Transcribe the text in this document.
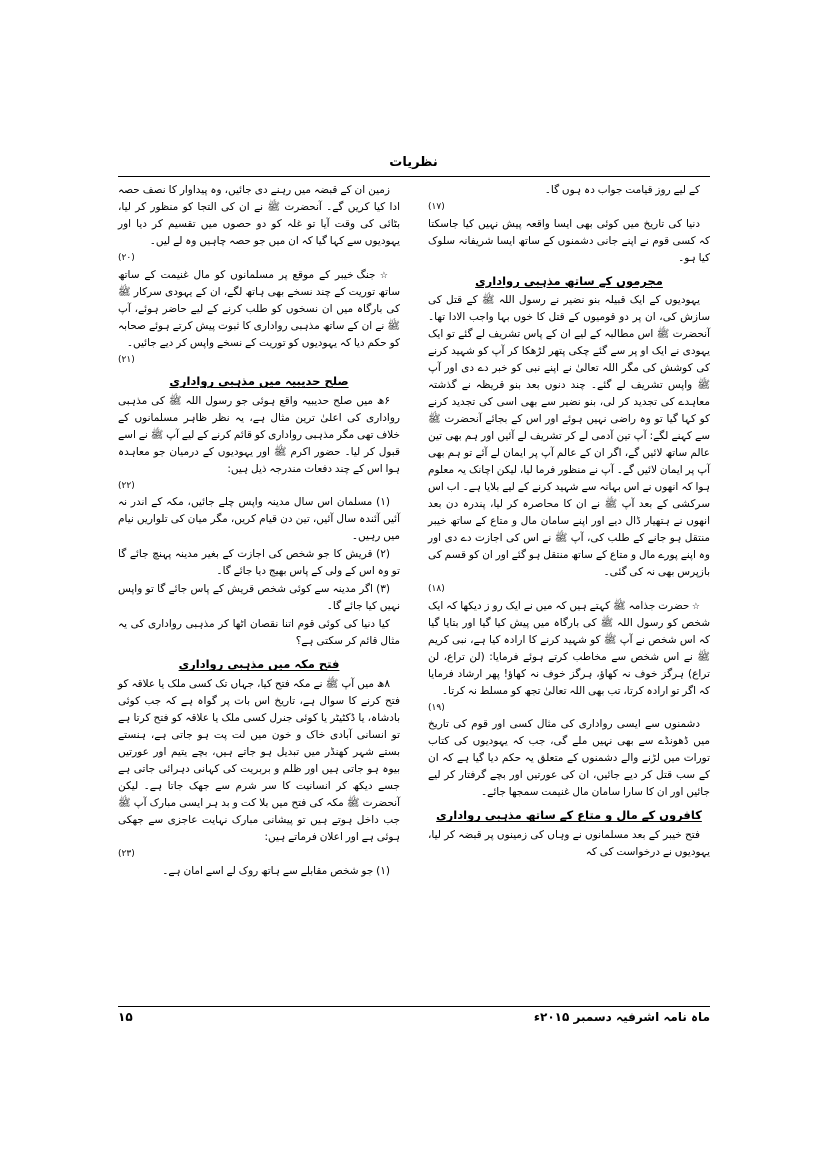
نظریات

کے لیے روز قیامت جواب دہ ہوں گا۔

(۱۷)

دنیا کی تاریخ میں کوئی بھی ایسا واقعہ پیش نہیں کیا جاسکتا کہ کسی قوم نے اپنے جانی دشمنوں کے ساتھ ایسا شریفانہ سلوک کیا ہو۔

مجرموں کے ساتھ مذہبی رواداری

یہودیوں کے ایک قبیلہ بنو نضیر نے رسول اللہ ﷺ کے قتل کی سازش کی، ان پر دو قومیوں کے قتل کا خوں بہا واجب الادا تھا۔ آنحضرت ﷺ اس مطالبہ کے لیے ان کے پاس تشریف لے گئے تو ایک یہودی نے ایک او پر سے گئے چکی پتھر لڑھکا کر آپ کو شہید کرنے کی کوشش کی مگر اللہ تعالیٰ نے اپنے نبی کو خبر دے دی اور آپ ﷺ واپس تشریف لے گئے۔ چند دنوں بعد بنو قریظہ نے گذشتہ معاہدے کی تجدید کر لی، بنو نضیر سے بھی اسی کی تجدید کرنے کو کہا گیا تو وہ راضی نہیں ہوئے اور اس کے بجائے آنحضرت ﷺ سے کہنے لگے: آپ تین آدمی لے کر تشریف لے آئیں اور ہم بھی تین عالم ساتھ لائیں گے، اگر ان کے عالم آپ پر ایمان لے آئے تو ہم بھی آپ پر ایمان لائیں گے۔ آپ نے منظور فرما لیا، لیکن اچانک یہ معلوم ہوا کہ انھوں نے اس بہانہ سے شہید کرنے کے لیے بلایا ہے۔ اب اس سرکشی کے بعد آپ ﷺ نے ان کا محاصرہ کر لیا، پندرہ دن بعد انھوں نے ہتھیار ڈال دیے اور اپنے سامان مال و متاع کے ساتھ خیبر منتقل ہو جانے کے طلب کی، آپ ﷺ نے اس کی اجازت دے دی اور وہ اپنے پورے مال و متاع کے ساتھ منتقل ہو گئے اور ان کو قسم کی بازپرس بھی نہ کی گئی۔

(۱۸)

☆ حضرت جذامہ ﷺ کہتے ہیں کہ میں نے ایک رو ز دیکھا کہ ایک شخص کو رسول اللہ ﷺ کی بارگاہ میں پیش کیا گیا اور بتایا گیا کہ اس شخص نے آپ ﷺ کو شہید کرنے کا ارادہ کیا ہے، نبی کریم ﷺ نے اس شخص سے مخاطب کرتے ہوئے فرمایا: (لن تراع، لن تراع) ہرگز خوف نہ کھاؤ، ہرگز خوف نہ کھاؤ! پھر ارشاد فرمایا کہ اگر تو ارادہ کرتا، تب بھی اللہ تعالیٰ تجھ کو مسلط نہ کرتا۔

(۱۹)

دشمنوں سے ایسی رواداری کی مثال کسی اور قوم کی تاریخ میں ڈھونڈے سے بھی نہیں ملے گی، جب کہ یہودیوں کی کتاب تورات میں لڑنے والے دشمنوں کے متعلق یہ حکم دیا گیا ہے کہ ان کے سب قتل کر دیے جائیں، ان کی عورتیں اور بچے گرفتار کر لیے جائیں اور ان کا سارا سامان مال غنیمت سمجھا جائے۔

کافروں کے مال و متاع کے ساتھ مذہبی رواداری

فتح خیبر کے بعد مسلمانوں نے وہاں کی زمینوں پر قبضہ کر لیا، یہودیوں نے درخواست کی کہ

زمین ان کے قبضہ میں رہنے دی جائیں، وہ پیداوار کا نصف حصہ ادا کیا کریں گے۔ آنحضرت ﷺ نے ان کی التجا کو منظور کر لیا، بٹائی کی وقت آیا تو غلہ کو دو حصوں میں تقسیم کر دیا اور یہودیوں سے کہا گیا کہ ان میں جو حصہ چاہیں وہ لے لیں۔

(۲۰)

☆ جنگ خیبر کے موقع پر مسلمانوں کو مال غنیمت کے ساتھ ساتھ توریت کے چند نسخے بھی ہاتھ لگے، ان کے یہودی سرکار ﷺ کی بارگاہ میں ان نسخوں کو طلب کرنے کے لیے حاضر ہوئے، آپ ﷺ نے ان کے ساتھ مذہبی رواداری کا ثبوت پیش کرتے ہوئے صحابہ کو حکم دیا کہ یہودیوں کو توریت کے نسخے واپس کر دیے جائیں۔

(۲۱)

صلح حدیبیہ میں مذہبی رواداری

۶ھ میں صلح حدیبیہ واقع ہوئی جو رسول اللہ ﷺ کی مذہبی رواداری کی اعلیٰ ترین مثال ہے، یہ نظر ظاہر مسلمانوں کے خلاف تھی مگر مذہبی رواداری کو قائم کرنے کے لیے آپ ﷺ نے اسے قبول کر لیا۔ حضور اکرم ﷺ اور یہودیوں کے درمیان جو معاہدہ ہوا اس کے چند دفعات مندرجہ ذیل ہیں:

(۲۲)

(۱) مسلمان اس سال مدینہ واپس چلے جائیں، مکہ کے اندر نہ آئیں آئندہ سال آئیں، تین دن قیام کریں، مگر میان کی تلواریں نیام میں رہیں۔

(۲) قریش کا جو شخص کی اجازت کے بغیر مدینہ پہنچ جائے گا تو وہ اس کے ولی کے پاس بھیج دیا جائے گا۔

(۳) اگر مدینہ سے کوئی شخص قریش کے پاس جائے گا تو واپس نہیں کیا جائے گا۔

کیا دنیا کی کوئی قوم اتنا نقصان اٹھا کر مذہبی رواداری کی یہ مثال قائم کر سکتی ہے؟

فتح مکہ میں مذہبی رواداری

۸ھ میں آپ ﷺ نے مکہ فتح کیا، جہاں تک کسی ملک یا علاقہ کو فتح کرنے کا سوال ہے، تاریخ اس بات پر گواہ ہے کہ جب کوئی بادشاہ، یا ڈکٹیٹر یا کوئی جنرل کسی ملک یا علاقہ کو فتح کرتا ہے تو انسانی آبادی خاک و خون میں لت پت ہو جاتی ہے، ہنستے بستے شہر کھنڈر میں تبدیل ہو جاتے ہیں، بچے یتیم اور عورتیں بیوہ ہو جاتی ہیں اور ظلم و بربریت کی کہانی دہرائی جاتی ہے جسے دیکھ کر انسانیت کا سر شرم سے جھک جاتا ہے۔ لیکن آنحضرت ﷺ مکہ کی فتح میں بلا کت و بد ہر ایسی مبارک آپ ﷺ جب داخل ہوتے ہیں تو پیشانی مبارک نہایت عاجزی سے جھکی ہوئی ہے اور اعلان فرماتے ہیں:

(۲۳)

(۱) جو شخص مقابلے سے ہاتھ روک لے اسے امان ہے۔

ماہ نامہ اشرفیہ دسمبر ۲۰۱۵ء
۱۵
